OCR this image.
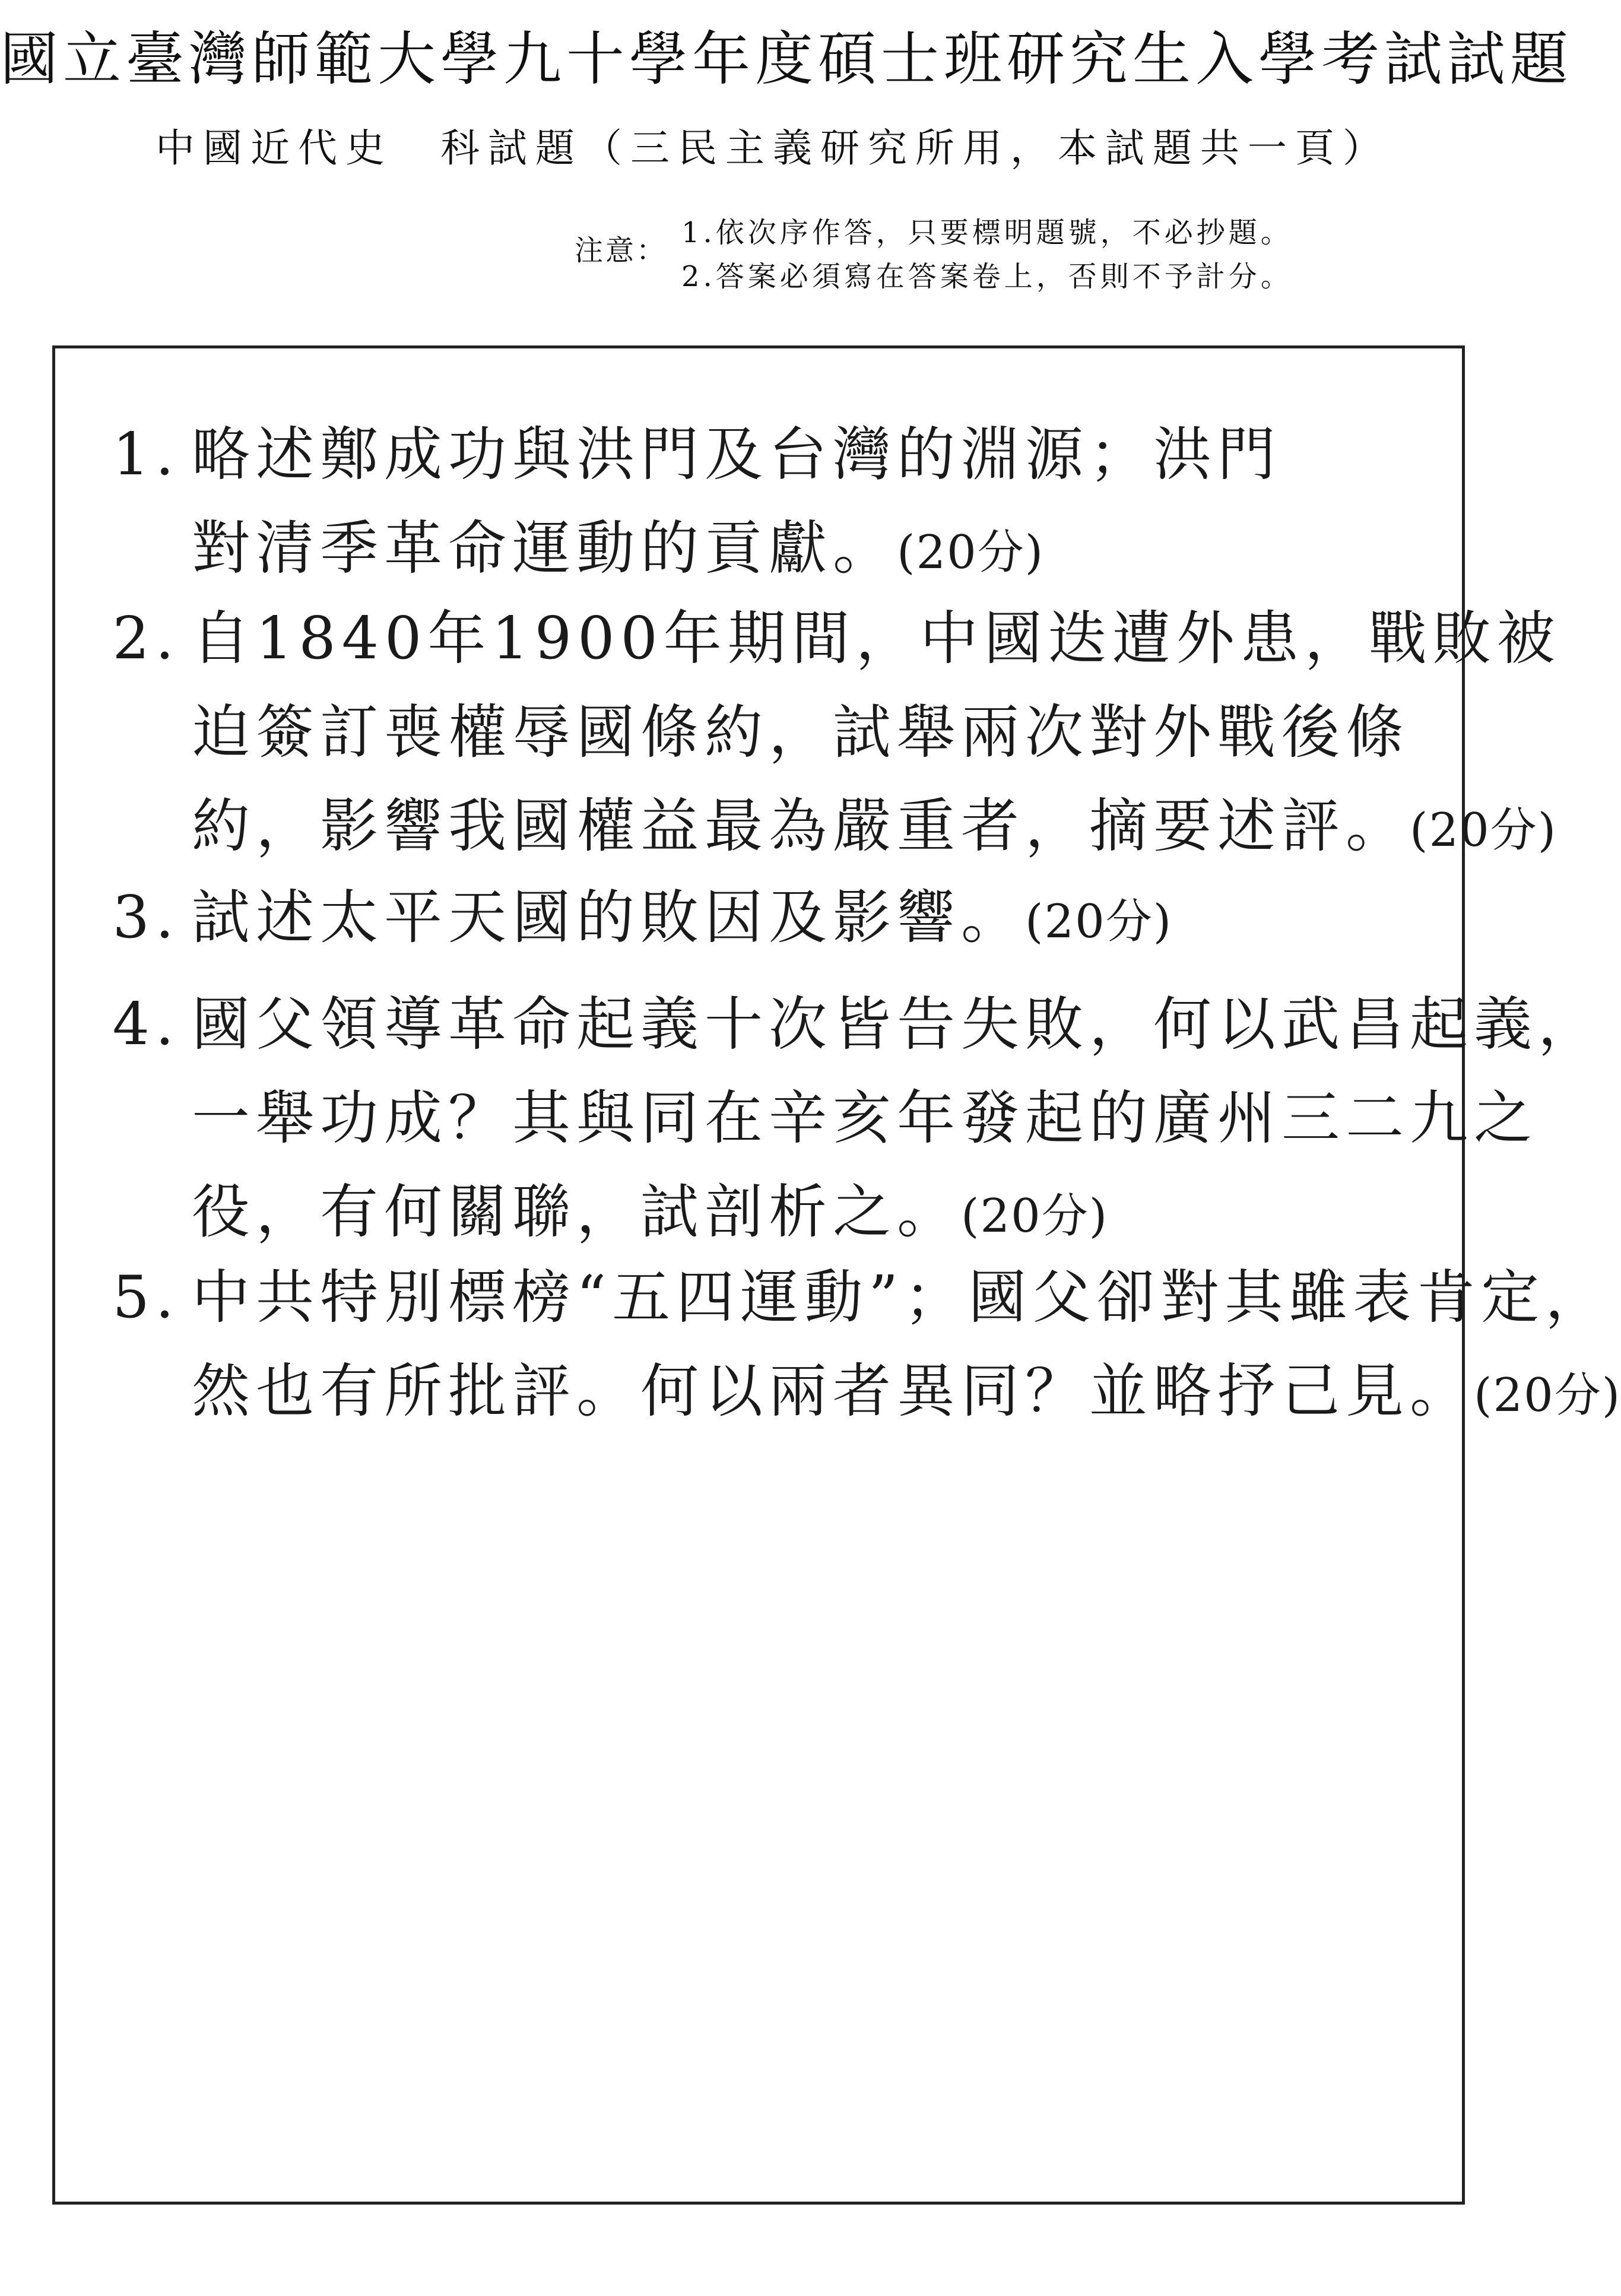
國立臺灣師範大學九十學年度碩士班研究生入學考試試題
中國近代史 科試題（三民主義研究所用，本試題共一頁）
注意：
1.依次序作答，只要標明題號，不必抄題。
2.答案必須寫在答案卷上，否則不予計分。
1. 略述鄭成功與洪門及台灣的淵源；洪門
對清季革命運動的貢獻。(20分)
2. 自1840年1900年期間，中國迭遭外患，戰敗被
迫簽訂喪權辱國條約，試舉兩次對外戰後條
約，影響我國權益最為嚴重者，摘要述評。(20分)
3. 試述太平天國的敗因及影響。(20分)
4. 國父領導革命起義十次皆告失敗，何以武昌起義，
一舉功成？其與同在辛亥年發起的廣州三二九之
役，有何關聯，試剖析之。(20分)
5. 中共特別標榜“五四運動”；國父卻對其雖表肯定，
然也有所批評。何以兩者異同？並略抒己見。(20分)
